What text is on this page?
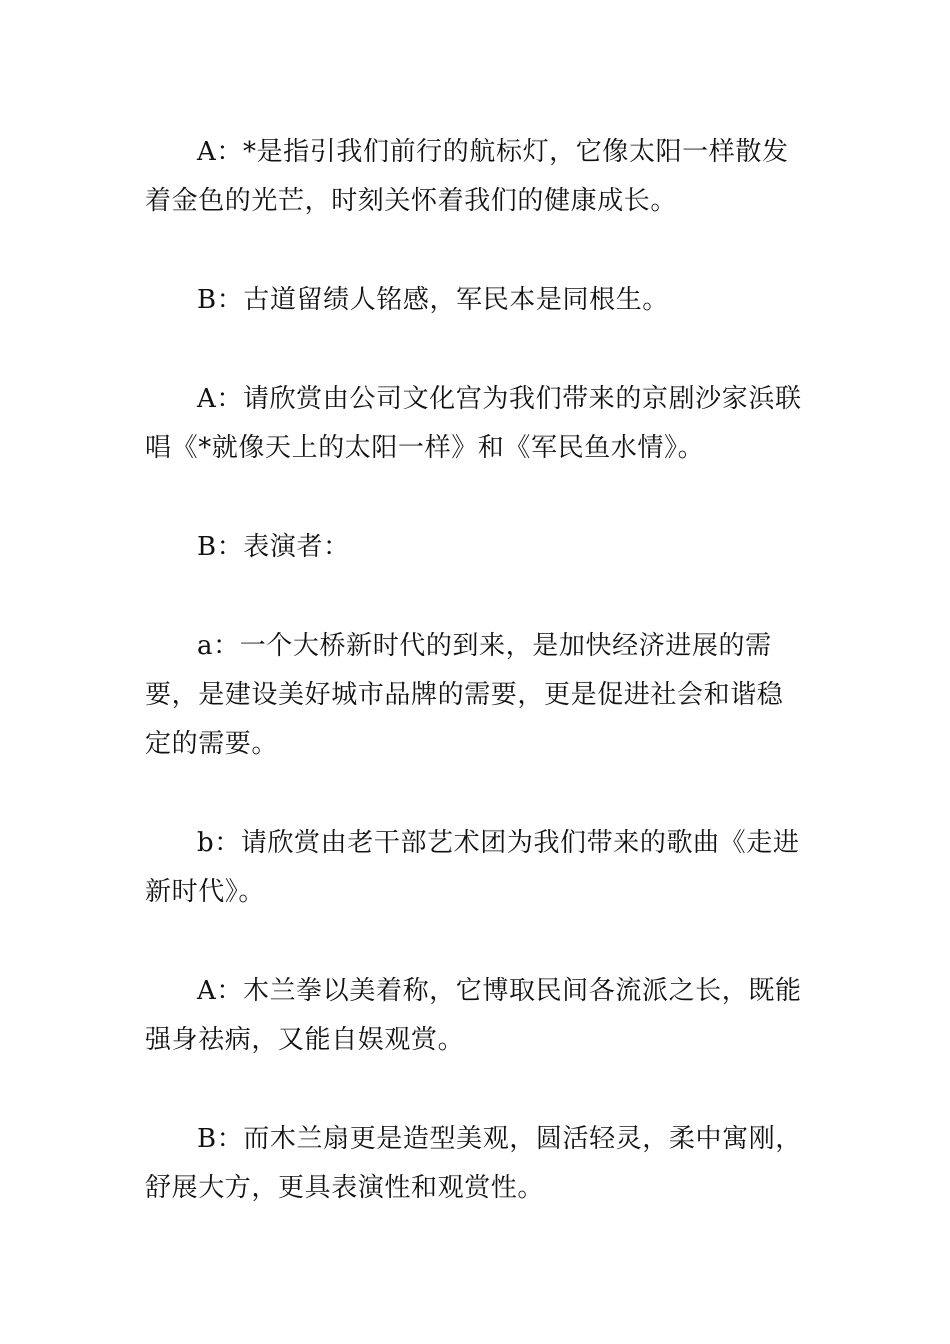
A：*是指引我们前行的航标灯，它像太阳一样散发着金色的光芒，时刻关怀着我们的健康成长。

B：古道留绩人铭感，军民本是同根生。

A：请欣赏由公司文化宫为我们带来的京剧沙家浜联唱《*就像天上的太阳一样》和《军民鱼水情》。

B：表演者：

a：一个大桥新时代的到来，是加快经济进展的需要，是建设美好城市品牌的需要，更是促进社会和谐稳定的需要。

b：请欣赏由老干部艺术团为我们带来的歌曲《走进新时代》。

A：木兰拳以美着称，它博取民间各流派之长，既能强身祛病，又能自娱观赏。

B：而木兰扇更是造型美观，圆活轻灵，柔中寓刚，舒展大方，更具表演性和观赏性。
